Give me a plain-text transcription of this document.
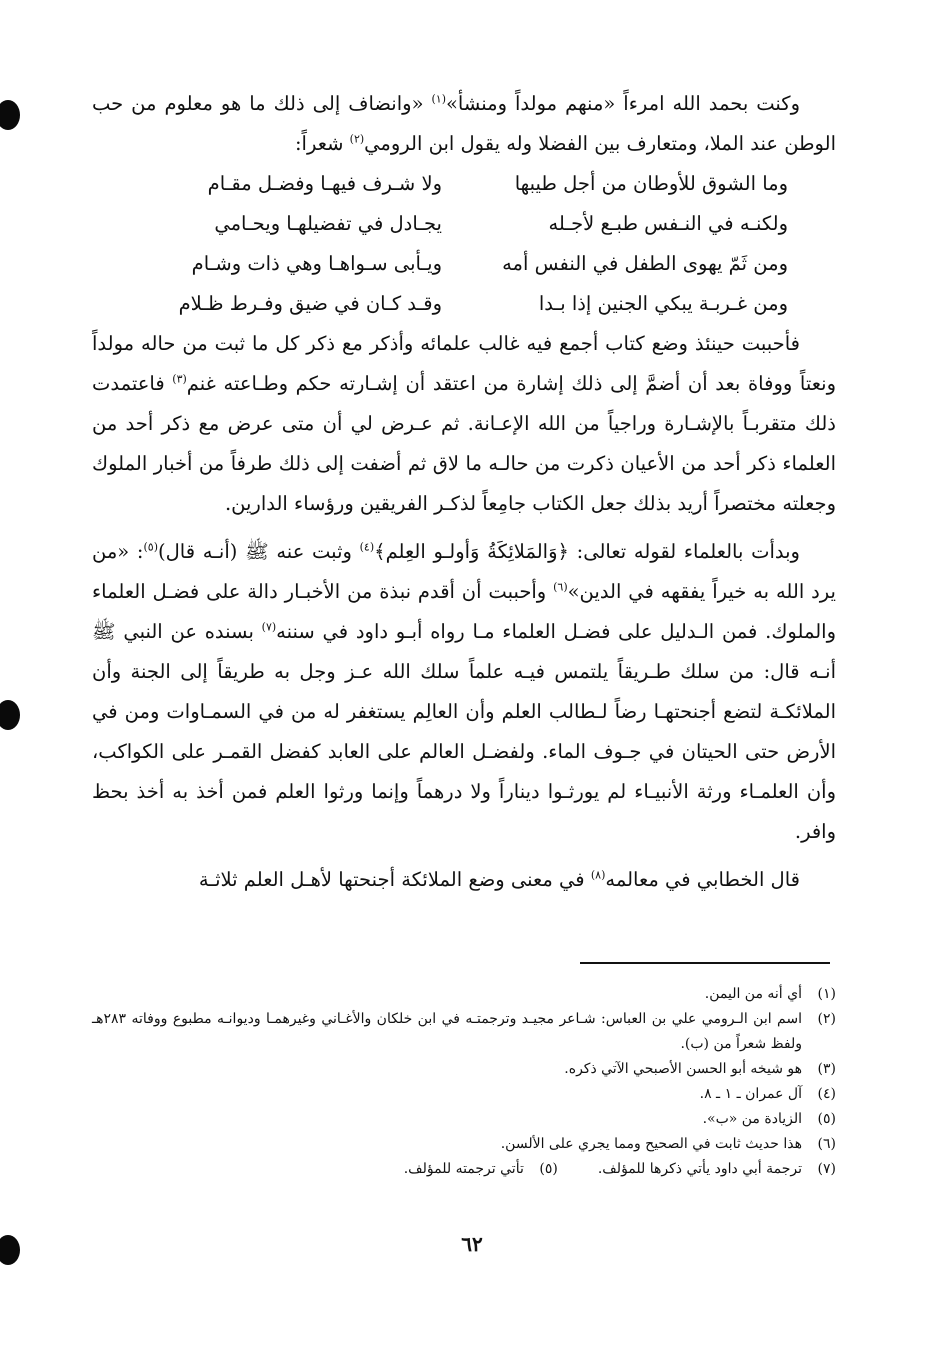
وكنت بحمد الله امرءاً «منهم مولداً ومنشأ»$^{(١)}$ «وانضاف إلى ذلك ما هو معلوم من حب الوطن عند الملا، ومتعارف بين الفضلا وله يقول ابن الرومي$^{(٢)}$ شعراً:

وما الشوق للأوطان من أجل طيبها
ولا شـرف فيهـا وفضـل مقـام
ولكنـه في النـفس طبـع لأجـله
يجـادل في تفضيلهـا ويحـامي
ومن ثَمّ يهوى الطفل في النفس أمه
ويـأبى سـواهـا وهي ذات وشـام
ومن غـربـة يبكي الجنين إذا بـدا
وقـد كـان في ضيق وفـرط ظـلام

فأحببت حينئذ وضع كتاب أجمع فيه غالب علمائه وأذكر مع ذكر كل ما ثبت من حاله مولداً ونعتاً ووفاة بعد أن أضمَّ إلى ذلك إشارة من اعتقد أن إشـارته حكم وطـاعته غنم$^{(٣)}$ فاعتمدت ذلك متقربـاً بالإشـارة وراجياً من الله الإعـانة. ثم عـرض لي أن متى عرض مع ذكر أحد من العلماء ذكر أحد من الأعيان ذكرت من حالـه ما لاق ثم أضفت إلى ذلك طرفاً من أخبار الملوك وجعلته مختصراً أريد بذلك جعل الكتاب جامِعاً لذكـر الفريقين ورؤساء الدارين.

وبدأت بالعلماء لقوله تعالى: ﴿وَالمَلائِكَةُ وَأولـو العِلم﴾$^{(٤)}$ وثبت عنه ﷺ (أنـه قال)$^{(٥)}$: «من يرد الله به خيراً يفقهه في الدين»$^{(٦)}$ وأحببت أن أقدم نبذة من الأخبـار دالة على فضـل العلماء والملوك. فمن الـدليل على فضـل العلماء مـا رواه أبـو داود في سننه$^{(٧)}$ بسنده عن النبي ﷺ أنـه قال: من سلك طـريقاً يلتمس فيـه علماً سلك الله عـز وجل به طريقاً إلى الجنة وأن الملائكـة لتضع أجنحتهـا رضاً لـطالب العلم وأن العالِم يستغفر له من في السمـاوات ومن في الأرض حتى الحيتان في جـوف الماء. ولفضـل العالم على العابد كفضل القمـر على الكواكب، وأن العلمـاء ورثة الأنبيـاء لم يورثـوا ديناراً ولا درهماً وإنما ورثوا العلم فمن أخذ به أخذ بحظ وافر.

قال الخطابي في معالمه$^{(٨)}$ في معنى وضع الملائكة أجنحتها لأهـل العلم ثلاثـة

(١)
أي أنه من اليمن.
(٢)
اسم ابن الـرومي علي بن العباس: شـاعر مجيـد وترجمتـه في ابن خلكان والأغـاني وغيرهمـا وديوانـه مطبوع ووفاته ٢٨٣هـ ولفظ شعراً من (ب).
(٣)
هو شيخه أبو الحسن الأصبحي الآتي ذكره.
(٤)
آل عمران ـ ١ ـ ٨.
(٥)
الزيادة من «ب».
(٦)
هذا حديث ثابت في الصحيح ومما يجري على الألسن.
(٧)
ترجمة أبي داود يأتي ذكرها للمؤلف.
(٥)
تأتي ترجمته للمؤلف.
٦٢
